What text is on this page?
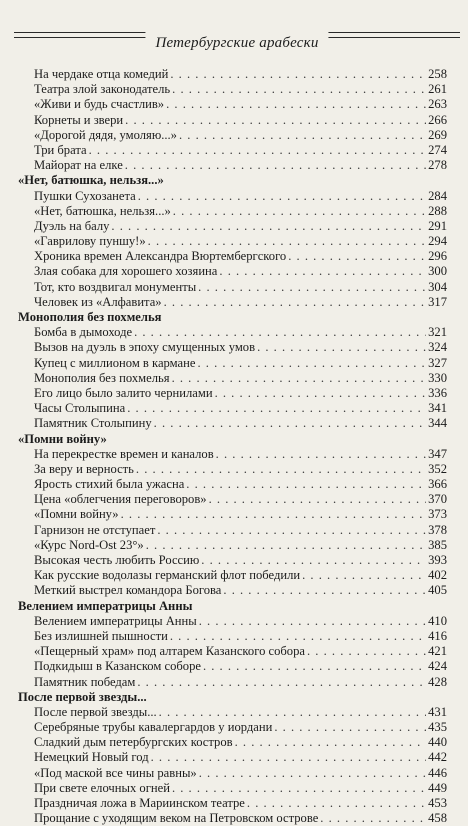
Петербургские арабески
На чердаке отца комедий . . .	258
Театра злой законодатель . . .	261
«Живи и будь счастлив» . . .	263
Корнеты и звери . . .	266
«Дорогой дядя, умоляю...» . . .	269
Три брата . . .	274
Майорат на елке . . .	278
«Нет, батюшка, нельзя...»
Пушки Сухозанета . . .	284
«Нет, батюшка, нельзя...» . . .	288
Дуэль на балу . . .	291
«Гаврилову пуншу!» . . .	294
Хроника времен Александра Вюртембергского . . .	296
Злая собака для хорошего хозяина . . .	300
Тот, кто воздвигал монументы . . .	304
Человек из «Алфавита» . . .	317
Монополия без похмелья
Бомба в дымоходе . . .	321
Вызов на дуэль в эпоху смущенных умов . . .	324
Купец с миллионом в кармане . . .	327
Монополия без похмелья . . .	330
Его лицо было залито чернилами . . .	336
Часы Столыпина . . .	341
Памятник Столыпину . . .	344
«Помни войну»
На перекрестке времен и каналов . . .	347
За веру и верность . . .	352
Ярость стихий была ужасна . . .	366
Цена «облегчения переговоров» . . .	370
«Помни войну» . . .	373
Гарнизон не отступает . . .	378
«Курс Nord-Ost 23°» . . .	385
Высокая честь любить Россию . . .	393
Как русские водолазы германский флот победили . . .	402
Меткий выстрел командора Богова . . .	405
Велением императрицы Анны
Велением императрицы Анны . . .	410
Без излишней пышности . . .	416
«Пещерный храм» под алтарем Казанского собора . . .	421
Подкидыш в Казанском соборе . . .	424
Памятник победам . . .	428
После первой звезды...
После первой звезды... . . .	431
Серебряные трубы кавалергардов у иордани . . .	435
Сладкий дым петербургских костров . . .	440
Немецкий Новый год . . .	442
«Под маской все чины равны» . . .	446
При свете елочных огней . . .	449
Праздничая ложа в Мариинском театре . . .	453
Прощание с уходящим веком на Петровском острове . . .	458
